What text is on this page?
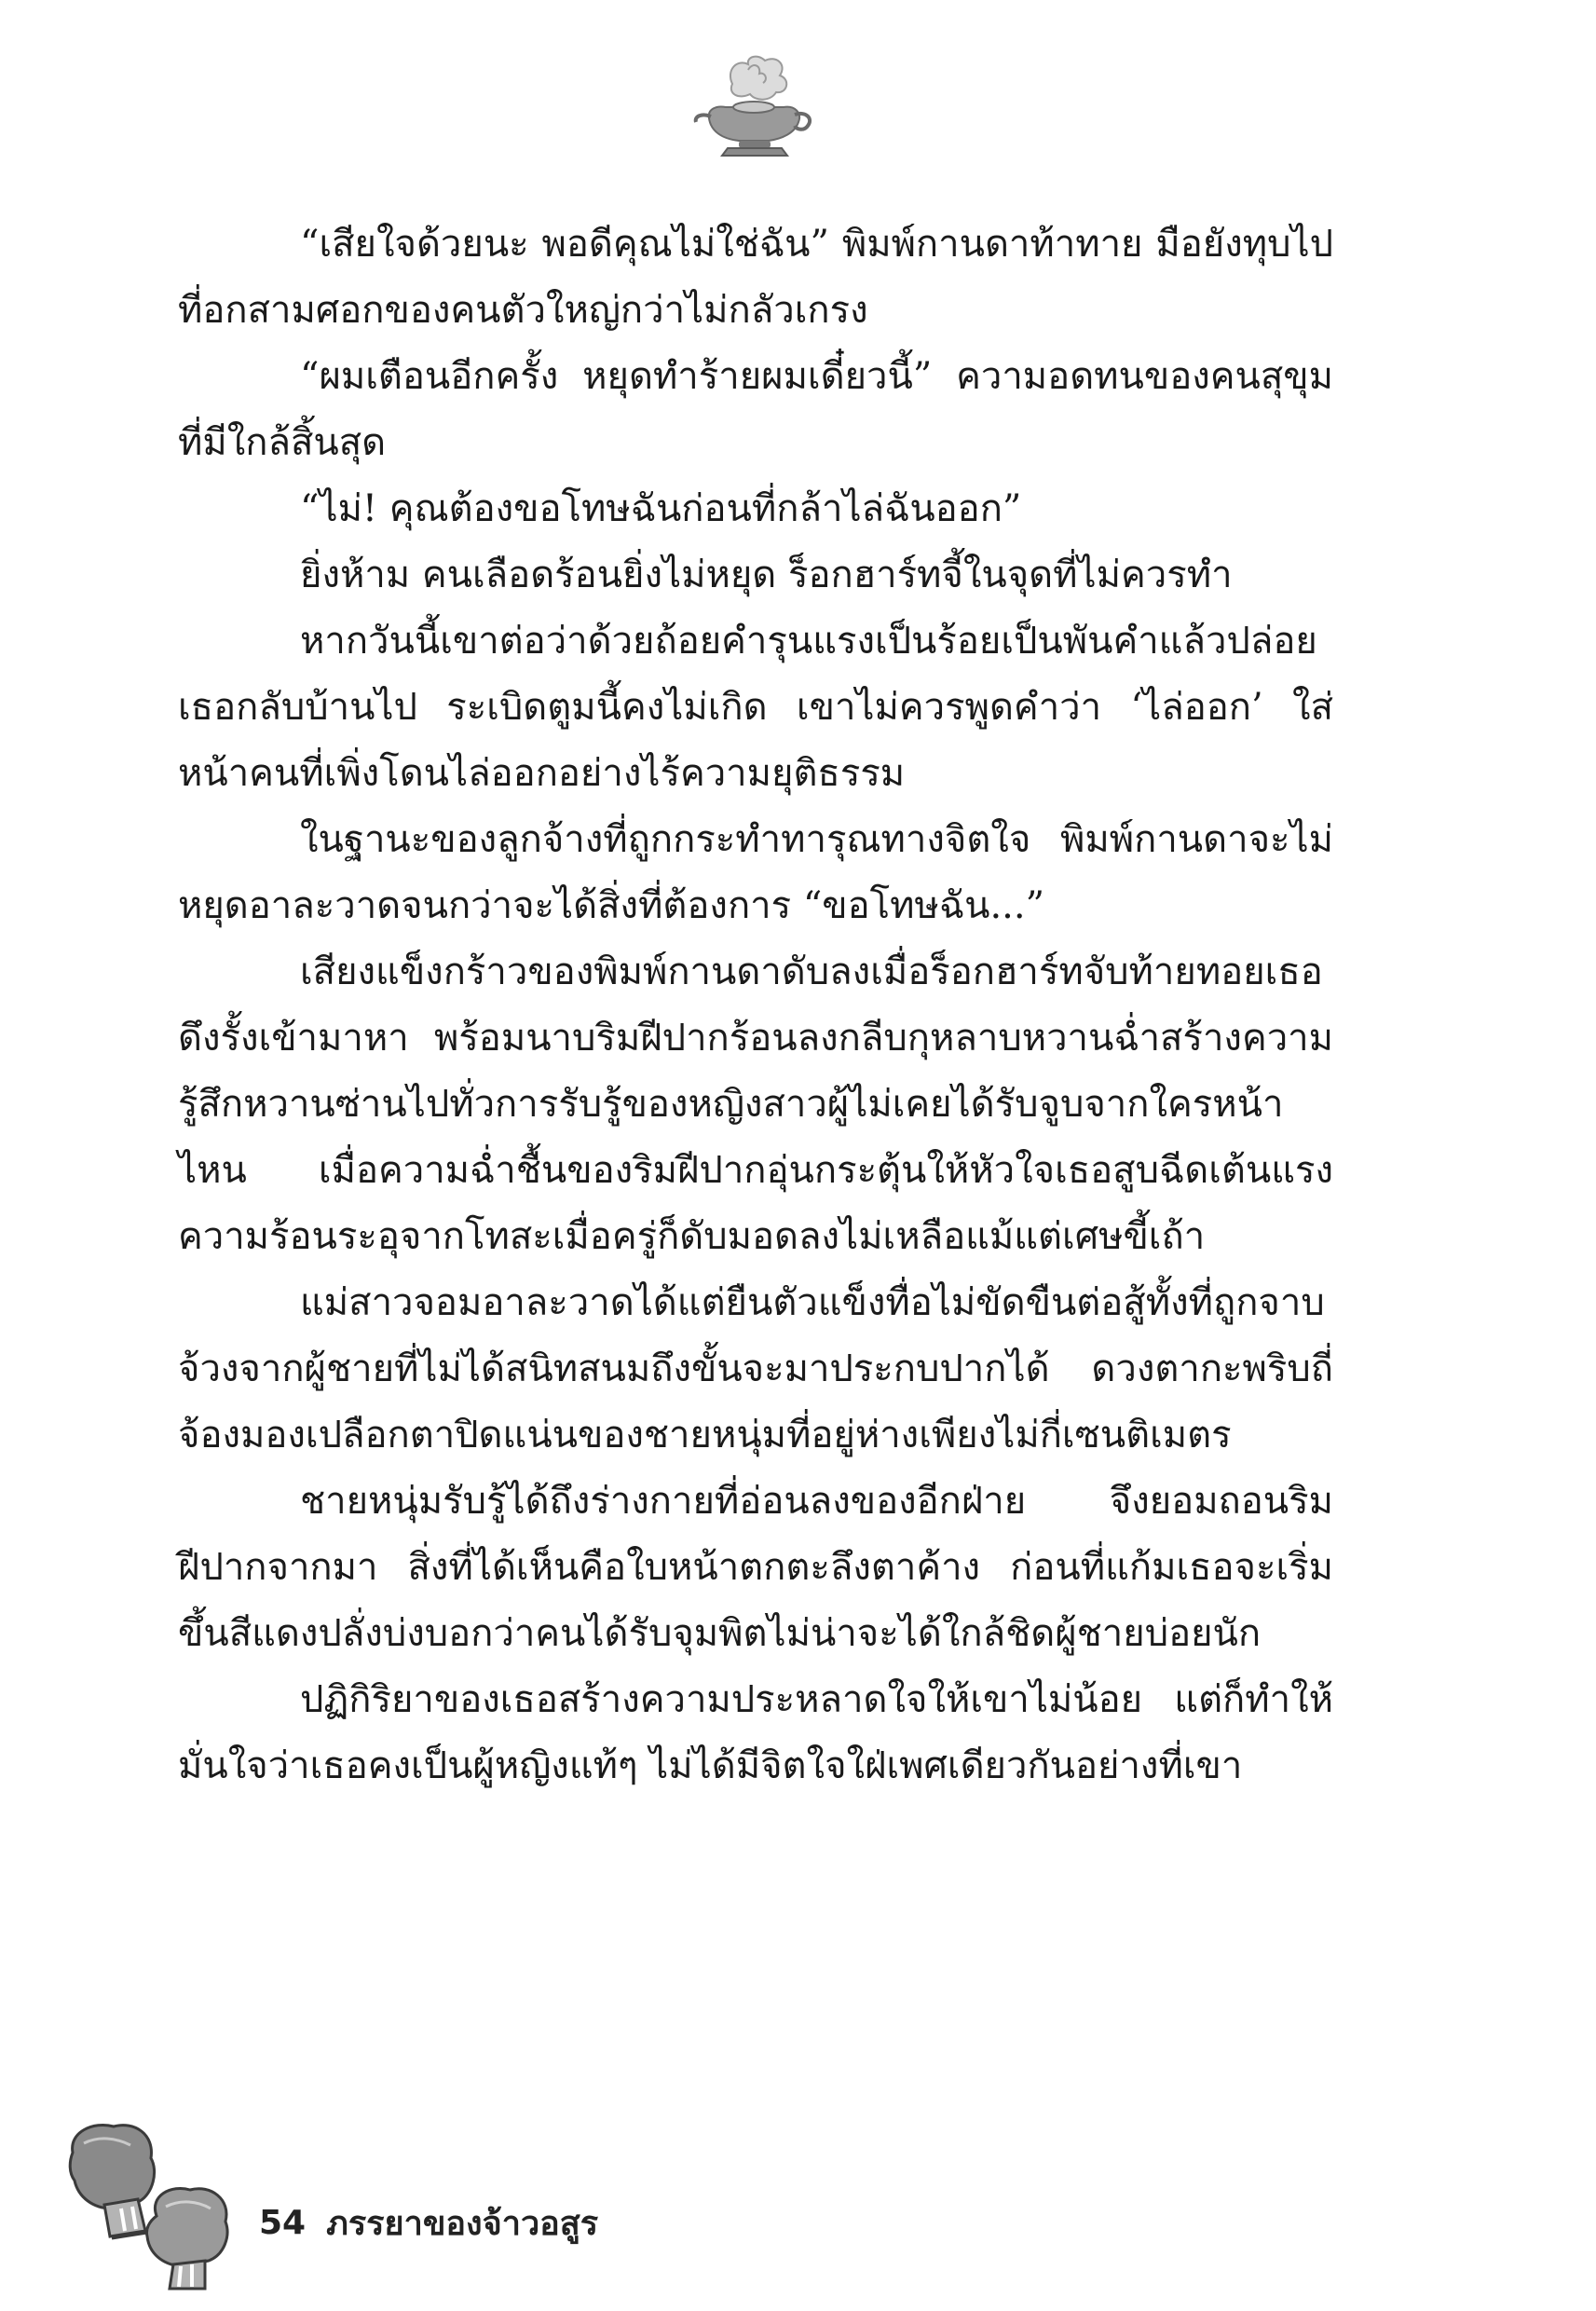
“เสียใจด้วยนะ พอดีคุณไม่ใช่ฉัน” พิมพ์กานดาท้าทาย มือยังทุบไปที่อกสามศอกของคนตัวใหญ่กว่าไม่กลัวเกรง

“ผมเตือนอีกครั้ง หยุดทำร้ายผมเดี๋ยวนี้” ความอดทนของคนสุขุมที่มีใกล้สิ้นสุด

“ไม่! คุณต้องขอโทษฉันก่อนที่กล้าไล่ฉันออก”

ยิ่งห้าม คนเลือดร้อนยิ่งไม่หยุด ร็อกฮาร์ทจี้ในจุดที่ไม่ควรทำ

หากวันนี้เขาต่อว่าด้วยถ้อยคำรุนแรงเป็นร้อยเป็นพันคำแล้วปล่อยเธอกลับบ้านไป ระเบิดตูมนี้คงไม่เกิด เขาไม่ควรพูดคำว่า ‘ไล่ออก’ ใส่หน้าคนที่เพิ่งโดนไล่ออกอย่างไร้ความยุติธรรม

ในฐานะของลูกจ้างที่ถูกกระทำทารุณทางจิตใจ พิมพ์กานดาจะไม่หยุดอาละวาดจนกว่าจะได้สิ่งที่ต้องการ “ขอโทษฉัน...”

เสียงแข็งกร้าวของพิมพ์กานดาดับลงเมื่อร็อกฮาร์ทจับท้ายทอยเธอดึงรั้งเข้ามาหา พร้อมนาบริมฝีปากร้อนลงกลีบกุหลาบหวานฉ่ำสร้างความรู้สึกหวานซ่านไปทั่วการรับรู้ของหญิงสาวผู้ไม่เคยได้รับจูบจากใครหน้าไหน เมื่อความฉ่ำชื้นของริมฝีปากอุ่นกระตุ้นให้หัวใจเธอสูบฉีดเต้นแรง ความร้อนระอุจากโทสะเมื่อครู่ก็ดับมอดลงไม่เหลือแม้แต่เศษขี้เถ้า

แม่สาวจอมอาละวาดได้แต่ยืนตัวแข็งทื่อไม่ขัดขืนต่อสู้ทั้งที่ถูกจาบจ้วงจากผู้ชายที่ไม่ได้สนิทสนมถึงขั้นจะมาประกบปากได้ ดวงตากะพริบถี่จ้องมองเปลือกตาปิดแน่นของชายหนุ่มที่อยู่ห่างเพียงไม่กี่เซนติเมตร

ชายหนุ่มรับรู้ได้ถึงร่างกายที่อ่อนลงของอีกฝ่าย จึงยอมถอนริมฝีปากจากมา สิ่งที่ได้เห็นคือใบหน้าตกตะลึงตาค้าง ก่อนที่แก้มเธอจะเริ่มขึ้นสีแดงปลั่งบ่งบอกว่าคนได้รับจุมพิตไม่น่าจะได้ใกล้ชิดผู้ชายบ่อยนัก

ปฏิกิริยาของเธอสร้างความประหลาดใจให้เขาไม่น้อย แต่ก็ทำให้มั่นใจว่าเธอคงเป็นผู้หญิงแท้ๆ ไม่ได้มีจิตใจใฝ่เพศเดียวกันอย่างที่เขา

54 ภรรยาของจ้าวอสูร
